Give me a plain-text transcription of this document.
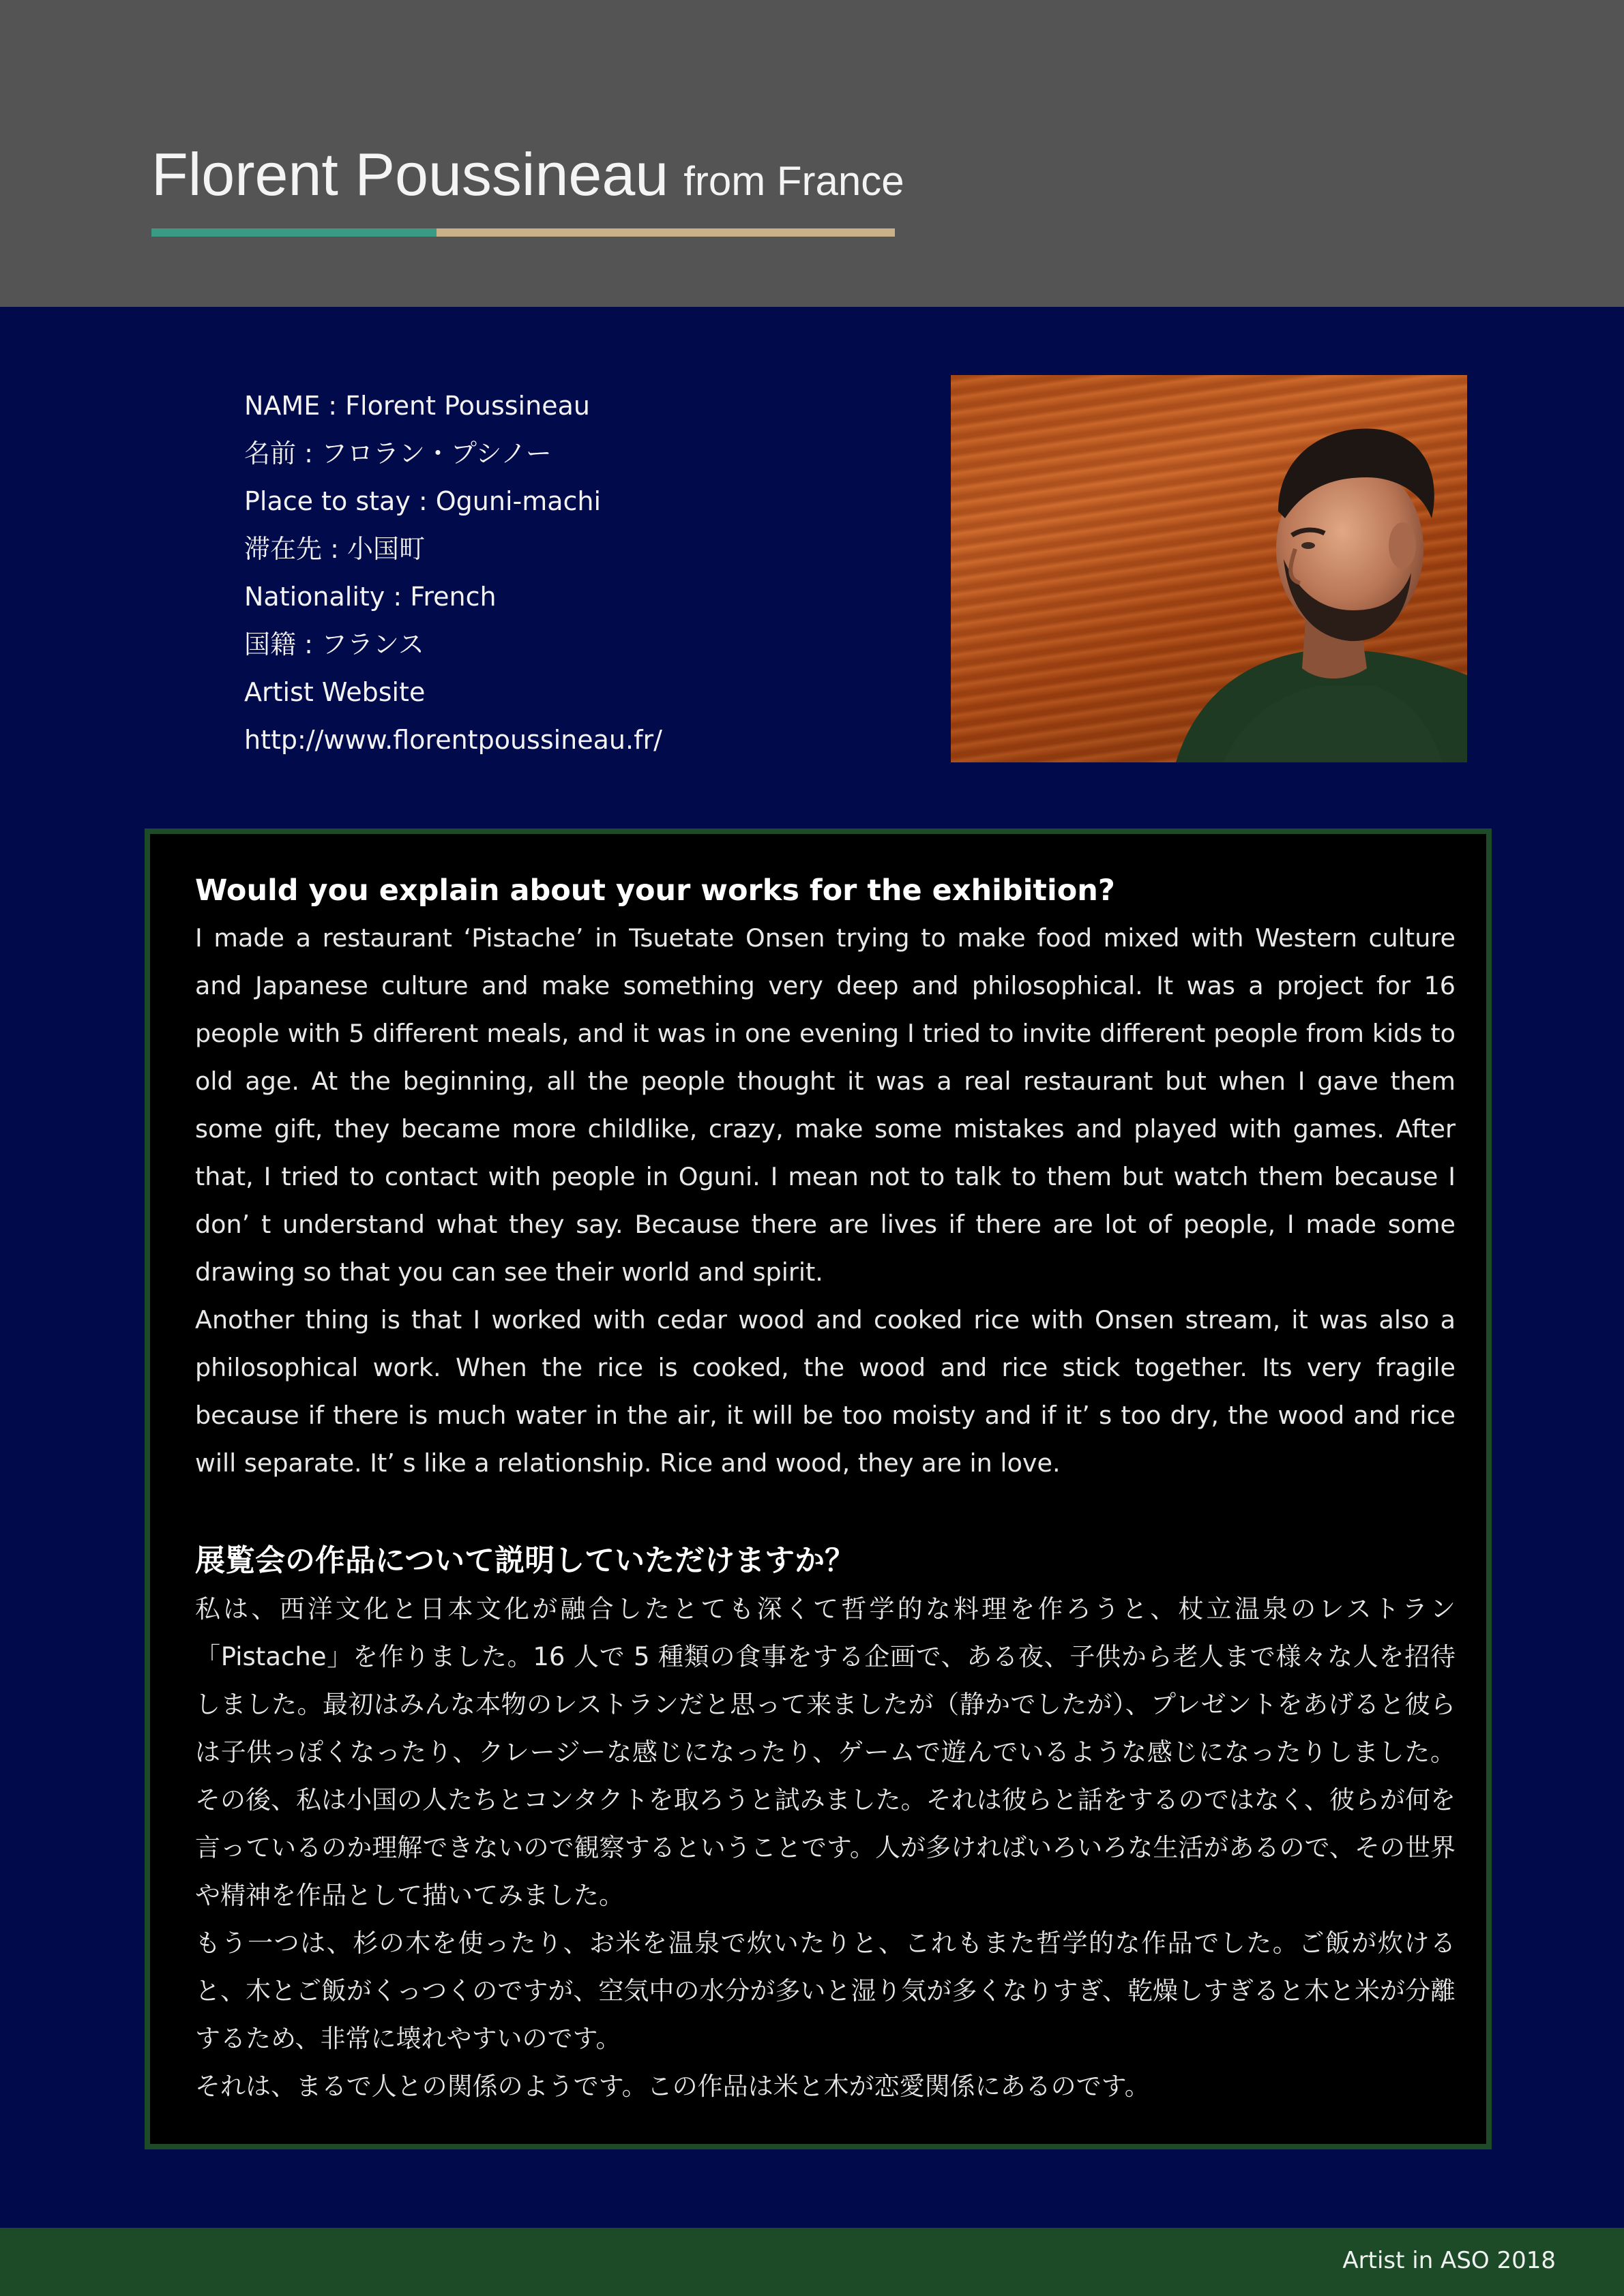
Florent Poussineau from France
NAME : Florent Poussineau
名前 : フロラン・プシノー
Place to stay : Oguni-machi
滞在先 : 小国町
Nationality : French
国籍 : フランス
Artist Website
http://www.florentpoussineau.fr/

Would you explain about your works for the exhibition?

I made a restaurant ‘Pistache’ in Tsuetate Onsen trying to make food mixed with Western culture and Japanese culture and make something very deep and philosophical. It was a project for 16 people with 5 different meals, and it was in one evening I tried to invite different people from kids to old age. At the beginning, all the people thought it was a real restaurant but when I gave them some gift, they became more childlike, crazy, make some mistakes and played with games. After that, I tried to contact with people in Oguni. I mean not to talk to them but watch them because I don’ t understand what they say. Because there are lives if there are lot of people, I made some drawing so that you can see their world and spirit.

Another thing is that I worked with cedar wood and cooked rice with Onsen stream, it was also a philosophical work. When the rice is cooked, the wood and rice stick together. Its very fragile because if there is much water in the air, it will be too moisty and if it’ s too dry, the wood and rice will separate. It’ s like a relationship. Rice and wood, they are in love.

展覧会の作品について説明していただけますか？

私は、西洋文化と日本文化が融合したとても深くて哲学的な料理を作ろうと、杖立温泉のレストラン「Pistache」を作りました。16 人で 5 種類の食事をする企画で、ある夜、子供から老人まで様々な人を招待しました。最初はみんな本物のレストランだと思って来ましたが（静かでしたが）、プレゼントをあげると彼らは子供っぽくなったり、クレージーな感じになったり、ゲームで遊んでいるような感じになったりしました。その後、私は小国の人たちとコンタクトを取ろうと試みました。それは彼らと話をするのではなく、彼らが何を言っているのか理解できないので観察するということです。人が多ければいろいろな生活があるので、その世界や精神を作品として描いてみました。

もう一つは、杉の木を使ったり、お米を温泉で炊いたりと、これもまた哲学的な作品でした。ご飯が炊けると、木とご飯がくっつくのですが、空気中の水分が多いと湿り気が多くなりすぎ、乾燥しすぎると木と米が分離するため、非常に壊れやすいのです。

それは、まるで人との関係のようです。この作品は米と木が恋愛関係にあるのです。

Artist in ASO 2018
